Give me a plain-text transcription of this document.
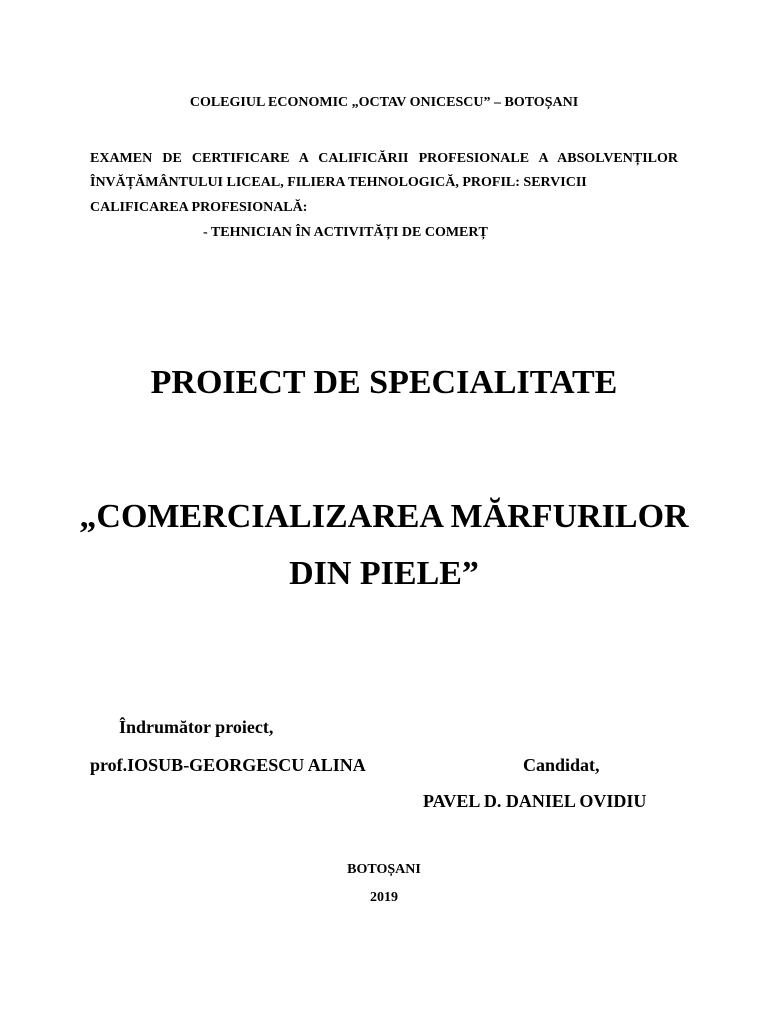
COLEGIUL ECONOMIC „OCTAV ONICESCU” – BOTOȘANI
EXAMEN DE CERTIFICARE A CALIFICĂRII PROFESIONALE A ABSOLVENȚILOR
ÎNVĂȚĂMÂNTULUI LICEAL, FILIERA TEHNOLOGICĂ, PROFIL: SERVICII
CALIFICAREA PROFESIONALĂ:
- TEHNICIAN ÎN ACTIVITĂȚI DE COMERȚ
PROIECT DE SPECIALITATE
„COMERCIALIZAREA MĂRFURILOR
DIN PIELE”
Îndrumător proiect,
prof.IOSUB-GEORGESCU ALINA	Candidat,
PAVEL D. DANIEL OVIDIU
BOTOȘANI
2019
